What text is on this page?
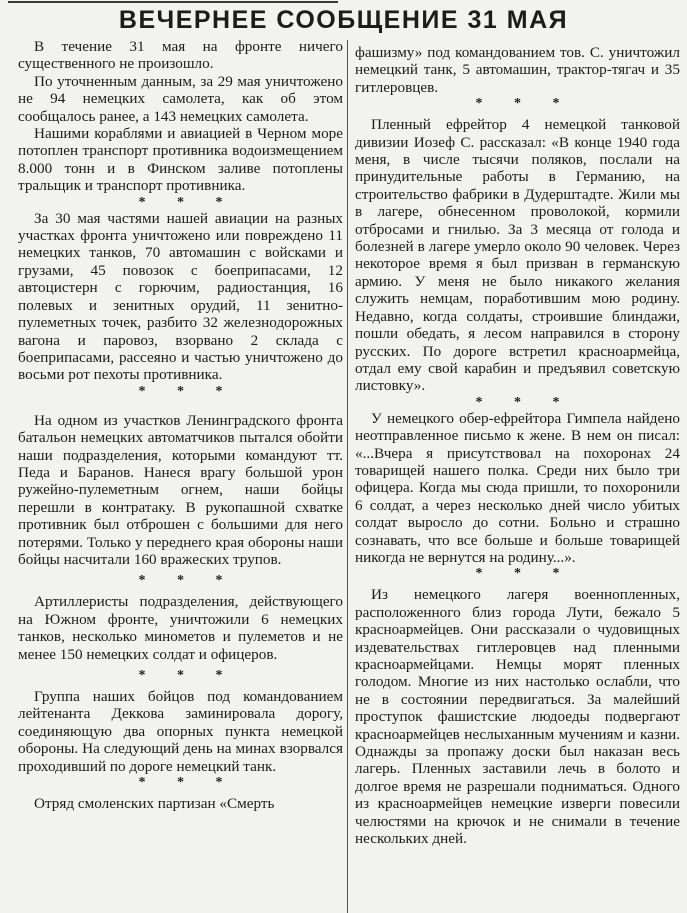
ВЕЧЕРНЕЕ СООБЩЕНИЕ 31 МАЯ

В течение 31 мая на фронте ничего существенного не произошло.

По уточненным данным, за 29 мая уничтожено не 94 немецких самолета, как об этом сообщалось ранее, а 143 немецких самолета.

Нашими кораблями и авиацией в Черном море потоплен транспорт противника водоизмещением 8.000 тонн и в Финском заливе потоплены тральщик и транспорт противника.

* * *

За 30 мая частями нашей авиации на разных участках фронта уничтожено или повреждено 11 немецких танков, 70 автомашин с войсками и грузами, 45 повозок с боеприпасами, 12 автоцистерн с горючим, радиостанция, 16 полевых и зенитных орудий, 11 зенитно-пулеметных точек, разбито 32 железнодорожных вагона и паровоз, взорвано 2 склада с боеприпасами, рассеяно и частью уничтожено до восьми рот пехоты противника.

* * *

На одном из участков Ленинградского фронта батальон немецких автоматчиков пытался обойти наши подразделения, которыми командуют тт. Педа и Баранов. Нанеся врагу большой урон ружейно-пулеметным огнем, наши бойцы перешли в контратаку. В рукопашной схватке противник был отброшен с большими для него потерями. Только у переднего края обороны наши бойцы насчитали 160 вражеских трупов.

* * *

Артиллеристы подразделения, действующего на Южном фронте, уничтожили 6 немецких танков, несколько минометов и пулеметов и не менее 150 немецких солдат и офицеров.

* * *

Группа наших бойцов под командованием лейтенанта Деккова заминировала дорогу, соединяющую два опорных пункта немецкой обороны. На следующий день на минах взорвался проходивший по дороге немецкий танк.

* * *

Отряд смоленских партизан «Смерть

фашизму» под командованием тов. С. уничтожил немецкий танк, 5 автомашин, трактор-тягач и 35 гитлеровцев.

* * *

Пленный ефрейтор 4 немецкой танковой дивизии Иозеф С. рассказал: «В конце 1940 года меня, в числе тысячи поляков, послали на принудительные работы в Германию, на строительство фабрики в Дудерштадте. Жили мы в лагере, обнесенном проволокой, кормили отбросами и гнилью. За 3 месяца от голода и болезней в лагере умерло около 90 человек. Через некоторое время я был призван в германскую армию. У меня не было никакого желания служить немцам, поработившим мою родину. Недавно, когда солдаты, строившие блиндажи, пошли обедать, я лесом направился в сторону русских. По дороге встретил красноармейца, отдал ему свой карабин и предъявил советскую листовку».

* * *

У немецкого обер-ефрейтора Гимпела найдено неотправленное письмо к жене. В нем он писал: «...Вчера я присутствовал на похоронах 24 товарищей нашего полка. Среди них было три офицера. Когда мы сюда пришли, то похоронили 6 солдат, а через несколько дней число убитых солдат выросло до сотни. Больно и страшно сознавать, что все больше и больше товарищей никогда не вернутся на родину...».

* * *

Из немецкого лагеря военнопленных, расположенного близ города Лути, бежало 5 красноармейцев. Они рассказали о чудовищных издевательствах гитлеровцев над пленными красноармейцами. Немцы морят пленных голодом. Многие из них настолько ослабли, что не в состоянии передвигаться. За малейший проступок фашистские людоеды подвергают красноармейцев неслыханным мучениям и казни. Однажды за пропажу доски был наказан весь лагерь. Пленных заставили лечь в болото и долгое время не разрешали подниматься. Одного из красноармейцев немецкие изверги повесили челюстями на крючок и не снимали в течение нескольких дней.
